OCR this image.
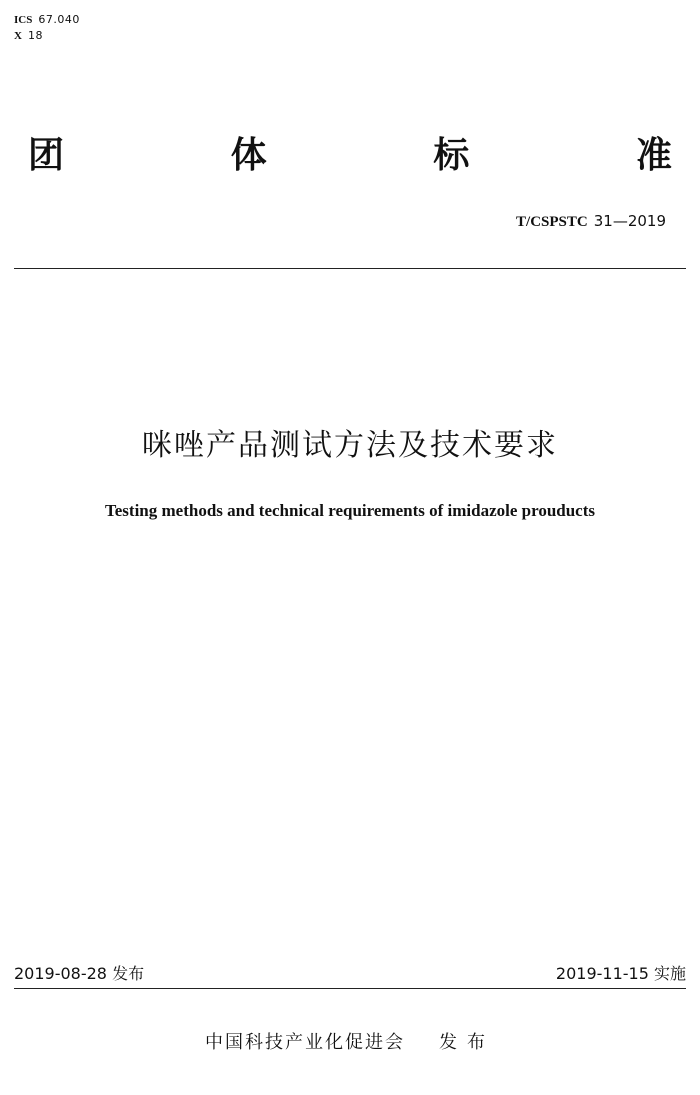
ICS 67.040
X 18
团	体	标	准
T/CSPSTC 31—2019
咪唑产品测试方法及技术要求
Testing methods and technical requirements of imidazole prouducts
2019-08-28 发布	2019-11-15 实施
中国科技产业化促进会 发布
